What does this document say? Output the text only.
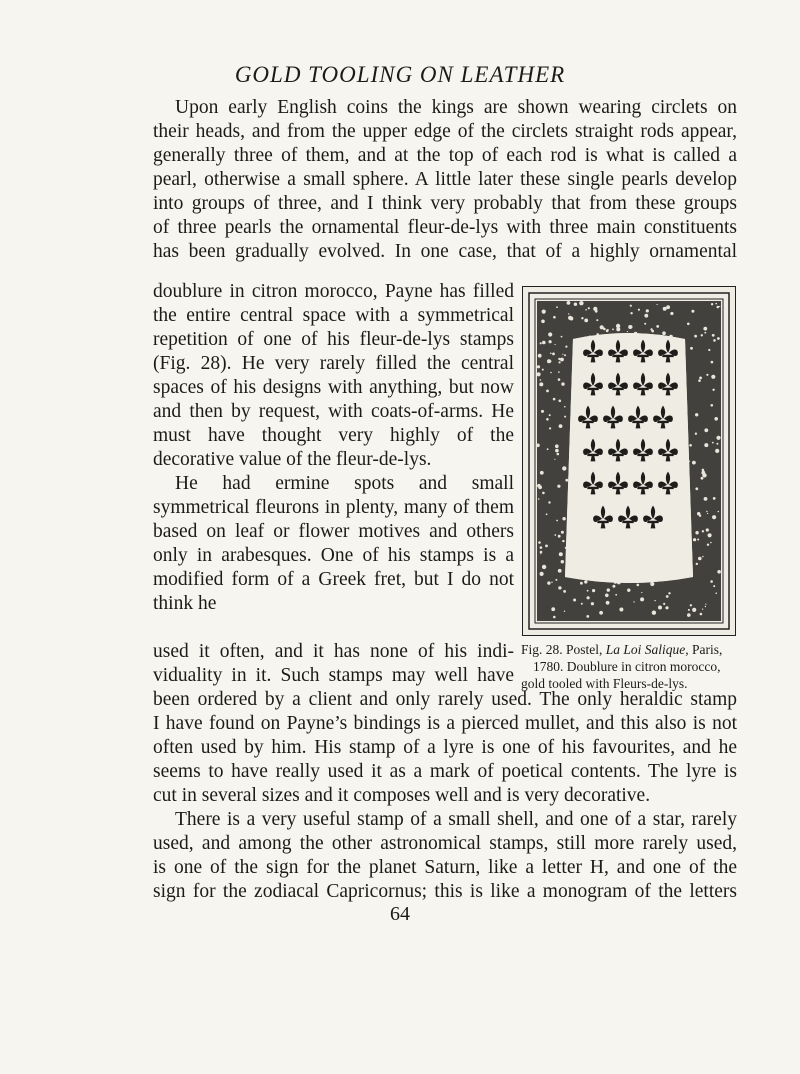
GOLD TOOLING ON LEATHER

Upon early English coins the kings are shown wearing circlets on

their heads, and from the upper edge of the circlets straight rods appear,

generally three of them, and at the top of each rod is what is called a

pearl, otherwise a small sphere. A little later these single pearls develop

into groups of three, and I think very probably that from these groups

of three pearls the ornamental fleur-de-lys with three main constituents

has been gradually evolved. In one case, that of a highly ornamental

doublure in citron morocco, Payne has filled the entire central space with a symmetrical repetition of one of his fleur-de-lys stamps (Fig. 28). He very rarely filled the central spaces of his designs with anything, but now and then by request, with coats-of-arms. He must have thought very highly of the decorative value of the fleur-de-lys.

He had ermine spots and small symmetrical fleurons in plenty, many of them based on leaf or flower motives and others only in arabesques. One of his stamps is a modified form of a Greek fret, but I do not think he

used it often, and it has none of his indi- Fig. 28. Postel, La Loi Salique, Paris,
1780. Doublure in citron morocco,
gold tooled with Fleurs-de-lys.

viduality in it. Such stamps may well have

been ordered by a client and only rarely used. The only heraldic stamp

I have found on Payne’s bindings is a pierced mullet, and this also is not

often used by him. His stamp of a lyre is one of his favourites, and he

seems to have really used it as a mark of poetical contents. The lyre is

cut in several sizes and it composes well and is very decorative.

There is a very useful stamp of a small shell, and one of a star, rarely

used, and among the other astronomical stamps, still more rarely used,

is one of the sign for the planet Saturn, like a letter H, and one of the

sign for the zodiacal Capricornus; this is like a monogram of the letters

64
